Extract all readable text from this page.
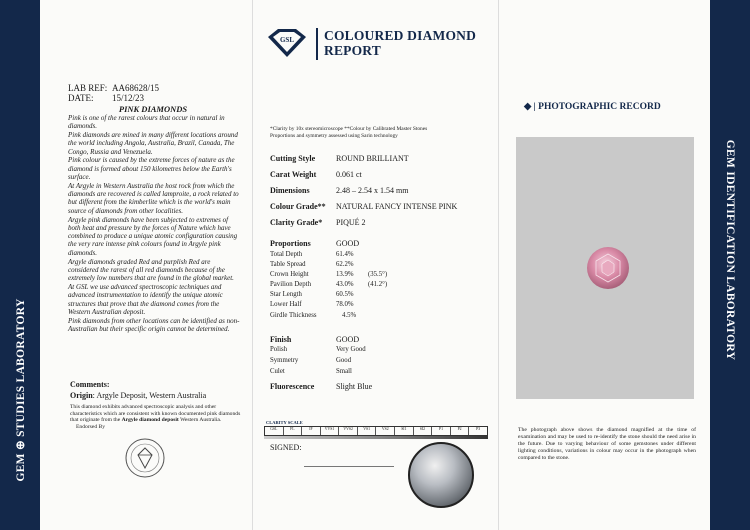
GEM ⊕ STUDIES LABORATORY
GEM IDENTIFICATION LABORATORY
LAB REF: AA68628/15
DATE: 15/12/23
PINK DIAMONDS

Pink is one of the rarest colours that occur in natural in diamonds.

Pink diamonds are mined in many different locations around the world including Angola, Australia, Brazil, Canada, The Congo, Russia and Venezuela.

Pink colour is caused by the extreme forces of nature as the diamond is formed about 150 kilometres below the Earth's surface.

At Argyle in Western Australia the host rock from which the diamonds are recovered is called lamproite, a rock related to but different from the kimberlite which is the world's main source of diamonds from other localities.

Argyle pink diamonds have been subjected to extremes of both heat and pressure by the forces of Nature which have combined to produce a unique atomic configuration causing the very rare intense pink colours found in Argyle pink diamonds.

Argyle diamonds graded Red and purplish Red are considered the rarest of all red diamonds because of the extremely low numbers that are found in the global market.

At GSL we use advanced spectroscopic techniques and advanced instrumentation to identify the unique atomic structures that prove that the diamond comes from the Western Australian deposit.

Pink diamonds from other locations can be identified as non-Australian but their specific origin cannot be determined.

Comments:
Origin: Argyle Deposit, Western Australia
This diamond exhibits advanced spectroscopic analysis and other characteristics which are consistent with known documented pink diamonds that originate from the Argyle diamond deposit Western Australia. Endorsed By
GSL COLOURED DIAMOND
REPORT
*Clarity by 10x stereomicroscope **Colour by Calibrated Master Stones
Proportions and symmetry assessed using Sarin technology
Cutting Style	ROUND BRILLIANT
Carat Weight 0.061 ct
Dimensions	2.48 – 2.54 x 1.54 mm
Colour Grade** NATURAL FANCY INTENSE PINK
Clarity Grade* PIQUÉ 2
Proportions	GOOD
Total Depth	61.4%
Table Spread	62.2%
Crown Height	13.9% (35.5°)
Pavilion Depth	43.0% (41.2°)
Star Length	60.5%
Lower Half	78.0%
Girdle Thickness	4.5%
Finish	GOOD
Polish	Very Good
Symmetry	Good
Culet	Small
Fluorescence	Slight Blue
CLARITY SCALE
GSL	FL	IF	VVS1	VVS2	VS1	VS2	SI1	SI2	P1	P2	P3
SIGNED:
◆ | PHOTOGRAPHIC RECORD
The photograph above shows the diamond magnified at the time of examination and may be used to re-identify the stone should the need arise in the future. Due to varying behaviour of some gemstones under different lighting conditions, variations in colour may occur in the photograph when compared to the stone.
